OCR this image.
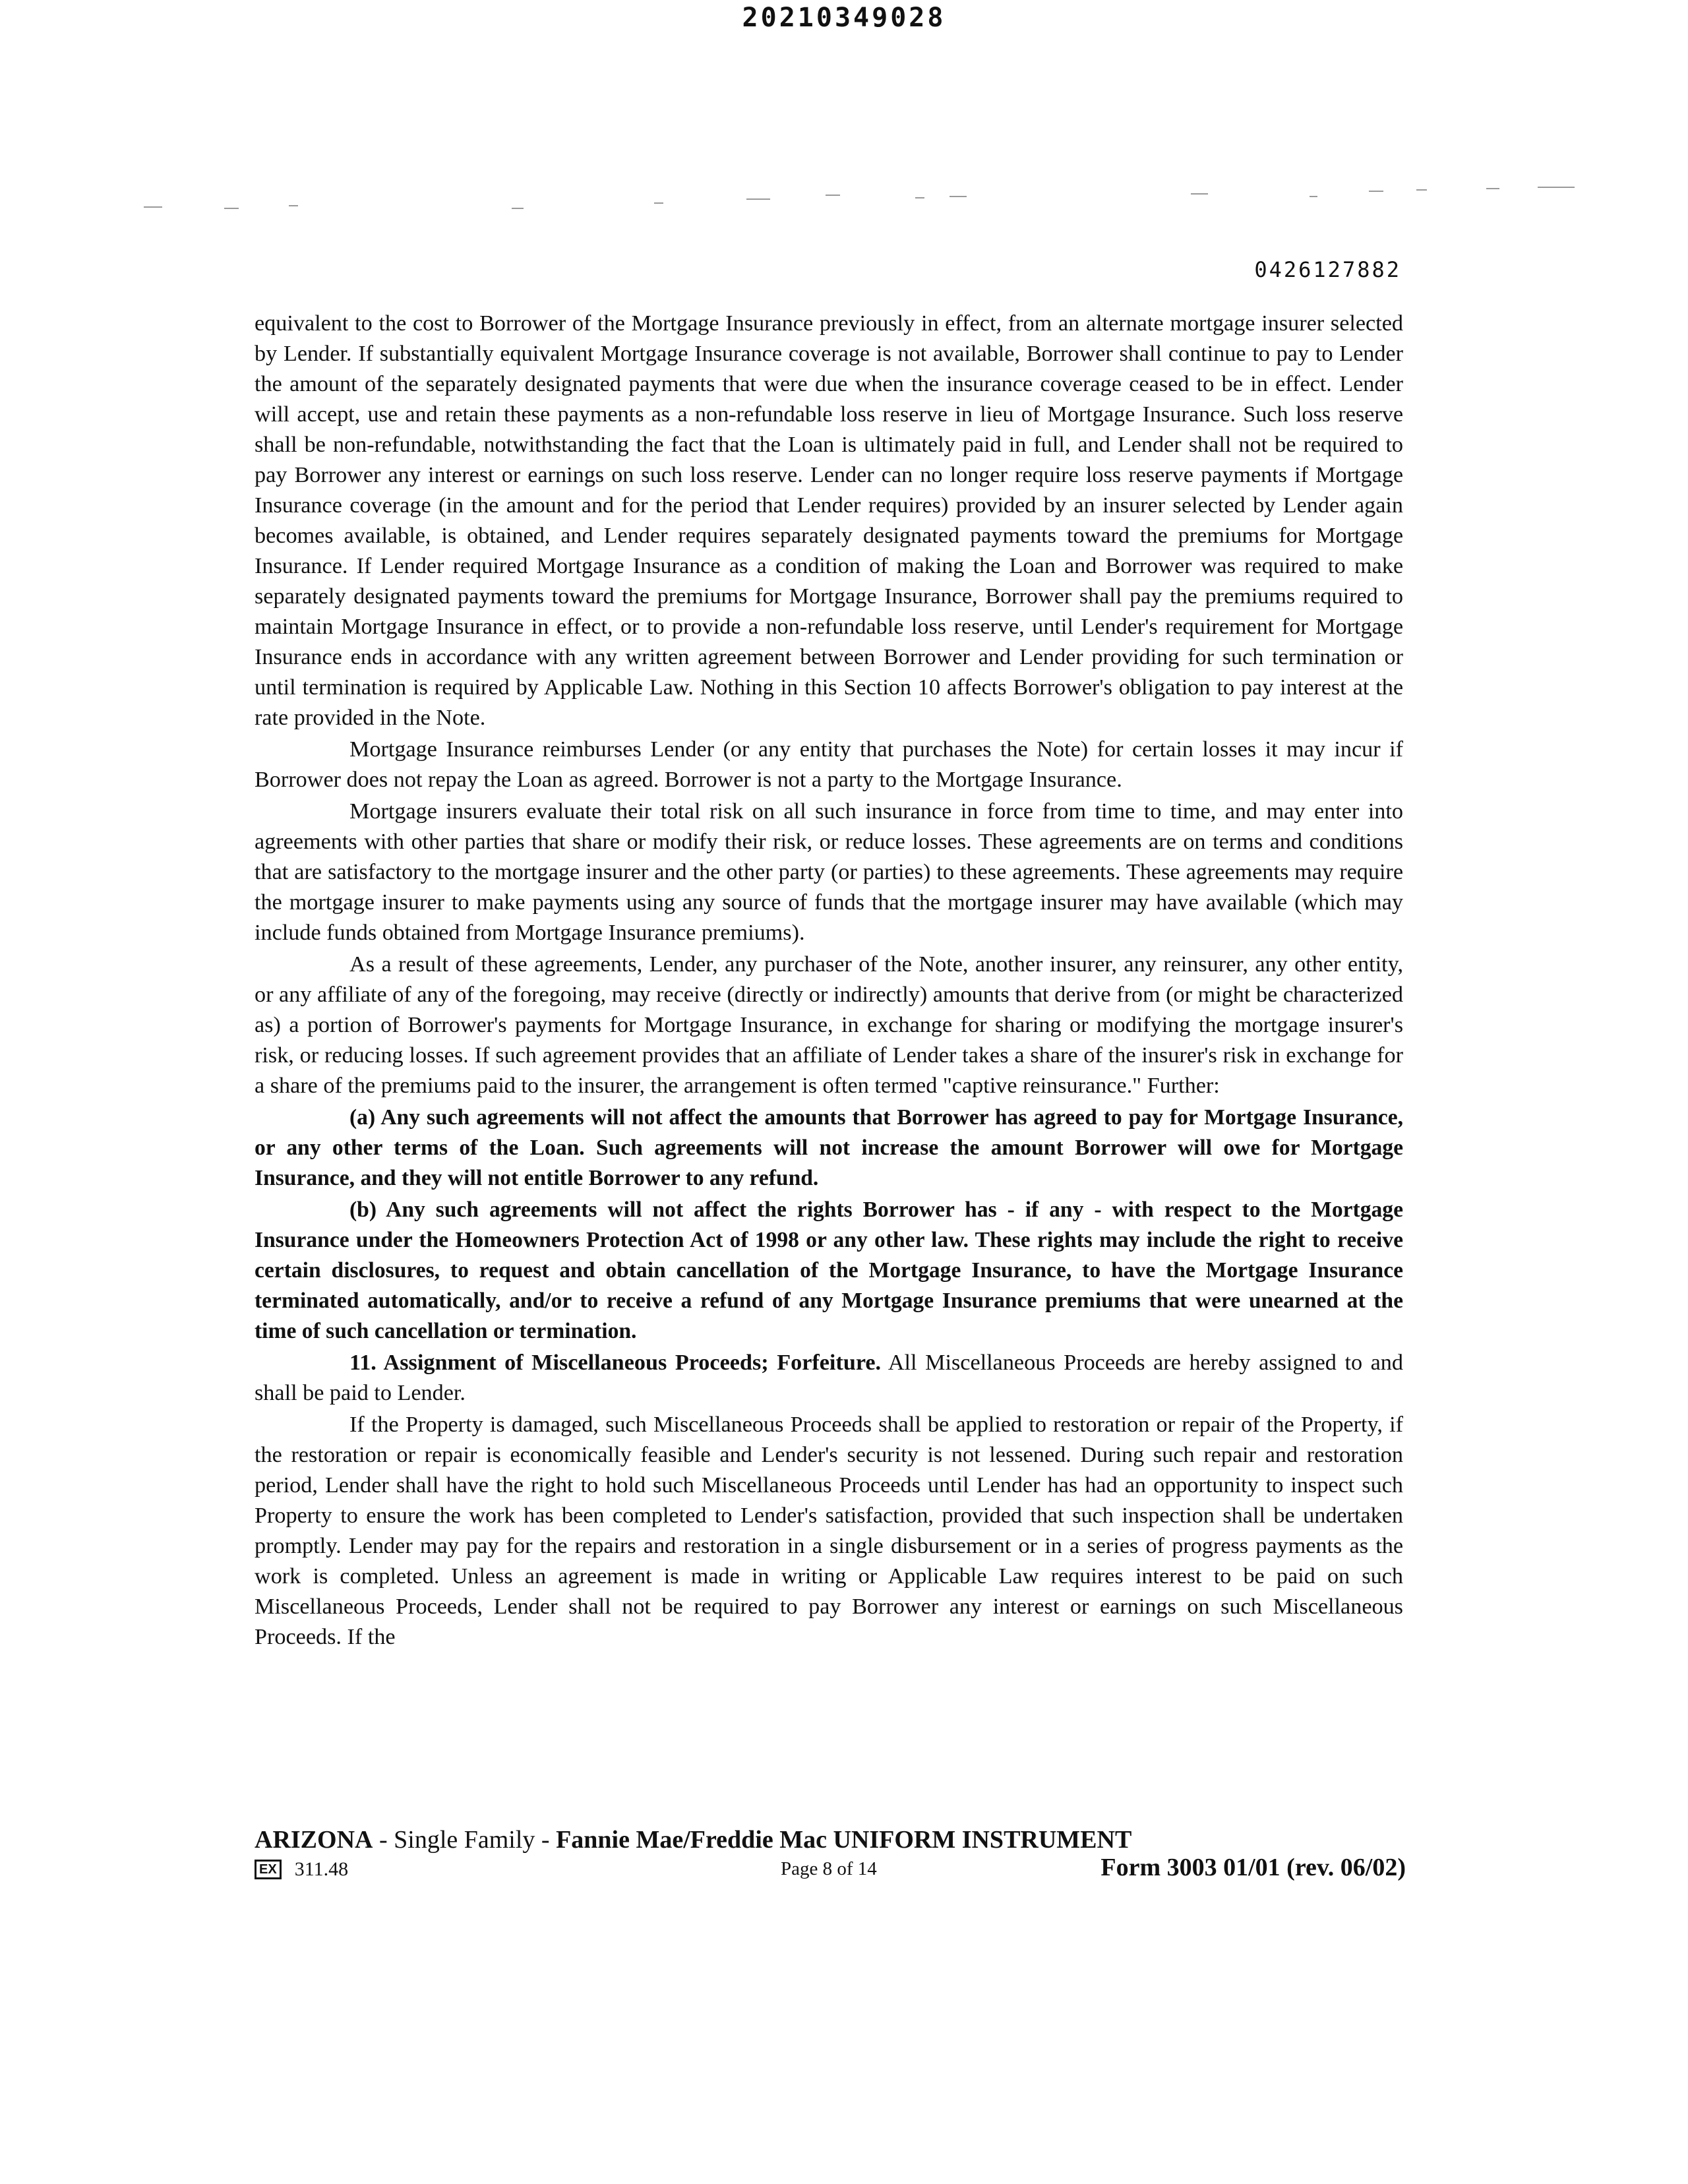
20210349028
0426127882

equivalent to the cost to Borrower of the Mortgage Insurance previously in effect, from an alternate mortgage insurer selected by Lender. If substantially equivalent Mortgage Insurance coverage is not available, Borrower shall continue to pay to Lender the amount of the separately designated payments that were due when the insurance coverage ceased to be in effect. Lender will accept, use and retain these payments as a non-refundable loss reserve in lieu of Mortgage Insurance. Such loss reserve shall be non-refundable, notwithstanding the fact that the Loan is ultimately paid in full, and Lender shall not be required to pay Borrower any interest or earnings on such loss reserve. Lender can no longer require loss reserve payments if Mortgage Insurance coverage (in the amount and for the period that Lender requires) provided by an insurer selected by Lender again becomes available, is obtained, and Lender requires separately designated payments toward the premiums for Mortgage Insurance. If Lender required Mortgage Insurance as a condition of making the Loan and Borrower was required to make separately designated payments toward the premiums for Mortgage Insurance, Borrower shall pay the premiums required to maintain Mortgage Insurance in effect, or to provide a non-refundable loss reserve, until Lender's requirement for Mortgage Insurance ends in accordance with any written agreement between Borrower and Lender providing for such termination or until termination is required by Applicable Law. Nothing in this Section 10 affects Borrower's obligation to pay interest at the rate provided in the Note.

Mortgage Insurance reimburses Lender (or any entity that purchases the Note) for certain losses it may incur if Borrower does not repay the Loan as agreed. Borrower is not a party to the Mortgage Insurance.

Mortgage insurers evaluate their total risk on all such insurance in force from time to time, and may enter into agreements with other parties that share or modify their risk, or reduce losses. These agreements are on terms and conditions that are satisfactory to the mortgage insurer and the other party (or parties) to these agreements. These agreements may require the mortgage insurer to make payments using any source of funds that the mortgage insurer may have available (which may include funds obtained from Mortgage Insurance premiums).

As a result of these agreements, Lender, any purchaser of the Note, another insurer, any reinsurer, any other entity, or any affiliate of any of the foregoing, may receive (directly or indirectly) amounts that derive from (or might be characterized as) a portion of Borrower's payments for Mortgage Insurance, in exchange for sharing or modifying the mortgage insurer's risk, or reducing losses. If such agreement provides that an affiliate of Lender takes a share of the insurer's risk in exchange for a share of the premiums paid to the insurer, the arrangement is often termed "captive reinsurance." Further:

(a) Any such agreements will not affect the amounts that Borrower has agreed to pay for Mortgage Insurance, or any other terms of the Loan. Such agreements will not increase the amount Borrower will owe for Mortgage Insurance, and they will not entitle Borrower to any refund.

(b) Any such agreements will not affect the rights Borrower has - if any - with respect to the Mortgage Insurance under the Homeowners Protection Act of 1998 or any other law. These rights may include the right to receive certain disclosures, to request and obtain cancellation of the Mortgage Insurance, to have the Mortgage Insurance terminated automatically, and/or to receive a refund of any Mortgage Insurance premiums that were unearned at the time of such cancellation or termination.

11. Assignment of Miscellaneous Proceeds; Forfeiture. All Miscellaneous Proceeds are hereby assigned to and shall be paid to Lender.

If the Property is damaged, such Miscellaneous Proceeds shall be applied to restoration or repair of the Property, if the restoration or repair is economically feasible and Lender's security is not lessened. During such repair and restoration period, Lender shall have the right to hold such Miscellaneous Proceeds until Lender has had an opportunity to inspect such Property to ensure the work has been completed to Lender's satisfaction, provided that such inspection shall be undertaken promptly. Lender may pay for the repairs and restoration in a single disbursement or in a series of progress payments as the work is completed. Unless an agreement is made in writing or Applicable Law requires interest to be paid on such Miscellaneous Proceeds, Lender shall not be required to pay Borrower any interest or earnings on such Miscellaneous Proceeds. If the

ARIZONA - Single Family - Fannie Mae/Freddie Mac UNIFORM INSTRUMENT
EX 311.48	Page 8 of 14	Form 3003 01/01 (rev. 06/02)
